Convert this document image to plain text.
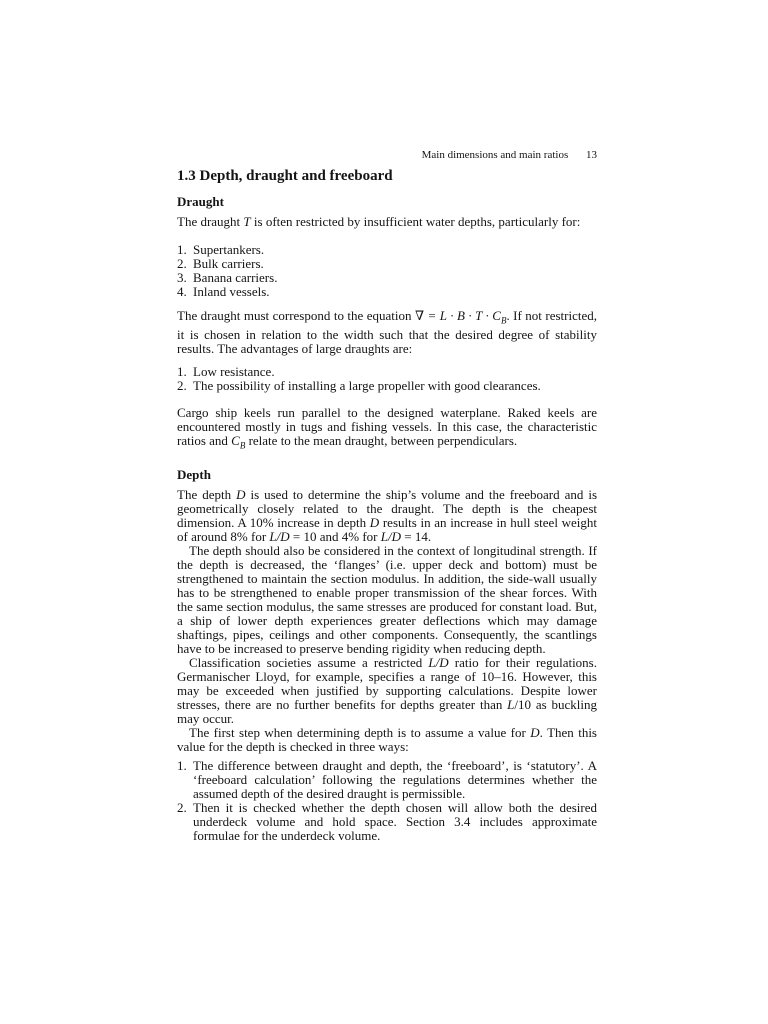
Main dimensions and main ratios 13
1.3 Depth, draught and freeboard
Draught

The draught T is often restricted by insufficient water depths, particularly for:

1. Supertankers.
2. Bulk carriers.
3. Banana carriers.
4. Inland vessels.

The draught must correspond to the equation ∇ = $L \cdot B \cdot T \cdot C_B$. If not restricted, it is chosen in relation to the width such that the desired degree of stability results. The advantages of large draughts are:

1. Low resistance.
2. The possibility of installing a large propeller with good clearances.

Cargo ship keels run parallel to the designed waterplane. Raked keels are encountered mostly in tugs and fishing vessels. In this case, the characteristic ratios and $C_B$ relate to the mean draught, between perpendiculars.

Depth

The depth D is used to determine the ship’s volume and the freeboard and is geometrically closely related to the draught. The depth is the cheapest dimension. A 10% increase in depth D results in an increase in hull steel weight of around 8% for L/D = 10 and 4% for L/D = 14.

The depth should also be considered in the context of longitudinal strength. If the depth is decreased, the ‘flanges’ (i.e. upper deck and bottom) must be strengthened to maintain the section modulus. In addition, the side-wall usually has to be strengthened to enable proper transmission of the shear forces. With the same section modulus, the same stresses are produced for constant load. But, a ship of lower depth experiences greater deflections which may damage shaftings, pipes, ceilings and other components. Consequently, the scantlings have to be increased to preserve bending rigidity when reducing depth.

Classification societies assume a restricted L/D ratio for their regulations. Germanischer Lloyd, for example, specifies a range of 10–16. However, this may be exceeded when justified by supporting calculations. Despite lower stresses, there are no further benefits for depths greater than L/10 as buckling may occur.

The first step when determining depth is to assume a value for D. Then this value for the depth is checked in three ways:

1. The difference between draught and depth, the ‘freeboard’, is ‘statutory’. A ‘freeboard calculation’ following the regulations determines whether the assumed depth of the desired draught is permissible.
2. Then it is checked whether the depth chosen will allow both the desired underdeck volume and hold space. Section 3.4 includes approximate formulae for the underdeck volume.
